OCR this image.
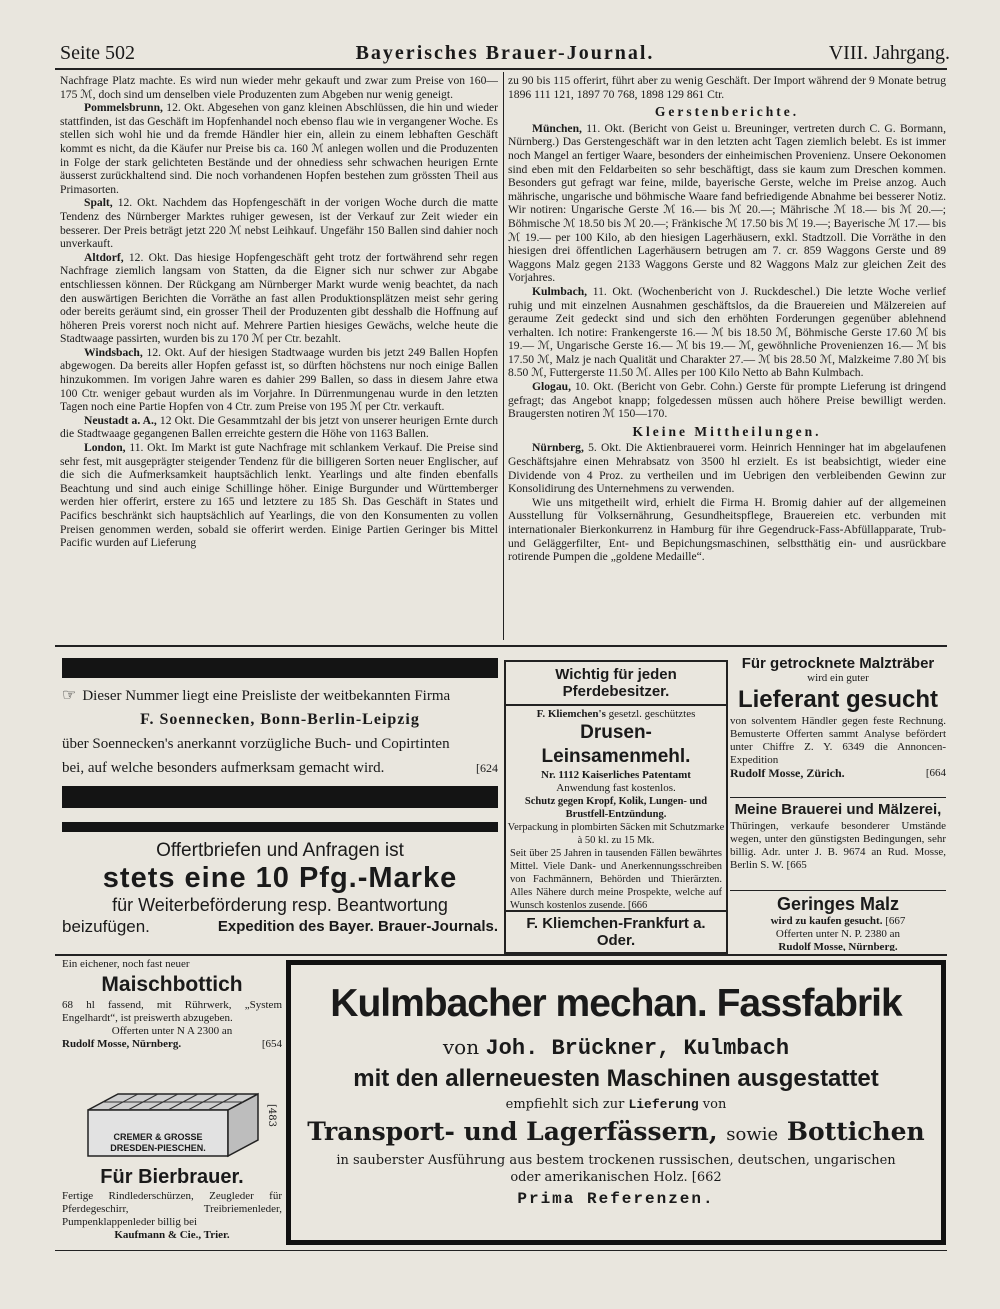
Seite 502	Bayerisches Brauer-Journal.	VIII. Jahrgang.

Nachfrage Platz machte. Es wird nun wieder mehr gekauft und zwar zum Preise von 160—175 ℳ, doch sind um denselben viele Produzenten zum Abgeben nur wenig geneigt.

Pommelsbrunn, 12. Okt. Abgesehen von ganz kleinen Abschlüssen, die hin und wieder stattfinden, ist das Geschäft im Hopfenhandel noch ebenso flau wie in vergangener Woche. Es stellen sich wohl hie und da fremde Händler hier ein, allein zu einem lebhaften Geschäft kommt es nicht, da die Käufer nur Preise bis ca. 160 ℳ anlegen wollen und die Produzenten in Folge der stark gelichteten Bestände und der ohnediess sehr schwachen heurigen Ernte äusserst zurückhaltend sind. Die noch vorhandenen Hopfen bestehen zum grössten Theil aus Primasorten.

Spalt, 12. Okt. Nachdem das Hopfengeschäft in der vorigen Woche durch die matte Tendenz des Nürnberger Marktes ruhiger gewesen, ist der Verkauf zur Zeit wieder ein besserer. Der Preis beträgt jetzt 220 ℳ nebst Leihkauf. Ungefähr 150 Ballen sind dahier noch unverkauft.

Altdorf, 12. Okt. Das hiesige Hopfengeschäft geht trotz der fortwährend sehr regen Nachfrage ziemlich langsam von Statten, da die Eigner sich nur schwer zur Abgabe entschliessen können. Der Rückgang am Nürnberger Markt wurde wenig beachtet, da nach den auswärtigen Berichten die Vorräthe an fast allen Produktionsplätzen meist sehr gering oder bereits geräumt sind, ein grosser Theil der Produzenten gibt desshalb die Hoffnung auf höheren Preis vorerst noch nicht auf. Mehrere Partien hiesiges Gewächs, welche heute die Stadtwaage passirten, wurden bis zu 170 ℳ per Ctr. bezahlt.

Windsbach, 12. Okt. Auf der hiesigen Stadtwaage wurden bis jetzt 249 Ballen Hopfen abgewogen. Da bereits aller Hopfen gefasst ist, so dürften höchstens nur noch einige Ballen hinzukommen. Im vorigen Jahre waren es dahier 299 Ballen, so dass in diesem Jahre etwa 100 Ctr. weniger gebaut wurden als im Vorjahre. In Dürrenmungenau wurde in den letzten Tagen noch eine Partie Hopfen von 4 Ctr. zum Preise von 195 ℳ per Ctr. verkauft.

Neustadt a. A., 12 Okt. Die Gesammtzahl der bis jetzt von unserer heurigen Ernte durch die Stadtwaage gegangenen Ballen erreichte gestern die Höhe von 1163 Ballen.

London, 11. Okt. Im Markt ist gute Nachfrage mit schlankem Verkauf. Die Preise sind sehr fest, mit ausgeprägter steigender Tendenz für die billigeren Sorten neuer Englischer, auf die sich die Aufmerksamkeit hauptsächlich lenkt. Yearlings und alte finden ebenfalls Beachtung und sind auch einige Schillinge höher. Einige Burgunder und Württemberger werden hier offerirt, erstere zu 165 und letztere zu 185 Sh. Das Geschäft in States und Pacifics beschränkt sich hauptsächlich auf Yearlings, die von den Konsumenten zu vollen Preisen genommen werden, sobald sie offerirt werden. Einige Partien Geringer bis Mittel Pacific wurden auf Lieferung

zu 90 bis 115 offerirt, führt aber zu wenig Geschäft. Der Import während der 9 Monate betrug 1896 111 121, 1897 70 768, 1898 129 861 Ctr.

Gerstenberichte.

München, 11. Okt. (Bericht von Geist u. Breuninger, vertreten durch C. G. Bormann, Nürnberg.) Das Gerstengeschäft war in den letzten acht Tagen ziemlich belebt. Es ist immer noch Mangel an fertiger Waare, besonders der einheimischen Provenienz. Unsere Oekonomen sind eben mit den Feldarbeiten so sehr beschäftigt, dass sie kaum zum Dreschen kommen. Besonders gut gefragt war feine, milde, bayerische Gerste, welche im Preise anzog. Auch mährische, ungarische und böhmische Waare fand befriedigende Abnahme bei besserer Notiz. Wir notiren: Ungarische Gerste ℳ 16.— bis ℳ 20.—; Mährische ℳ 18.— bis ℳ 20.—; Böhmische ℳ 18.50 bis ℳ 20.—; Fränkische ℳ 17.50 bis ℳ 19.—; Bayerische ℳ 17.— bis ℳ 19.— per 100 Kilo, ab den hiesigen Lagerhäusern, exkl. Stadtzoll. Die Vorräthe in den hiesigen drei öffentlichen Lagerhäusern betrugen am 7. cr. 859 Waggons Gerste und 89 Waggons Malz gegen 2133 Waggons Gerste und 82 Waggons Malz zur gleichen Zeit des Vorjahres.

Kulmbach, 11. Okt. (Wochenbericht von J. Ruckdeschel.) Die letzte Woche verlief ruhig und mit einzelnen Ausnahmen geschäftslos, da die Brauereien und Mälzereien auf geraume Zeit gedeckt sind und sich den erhöhten Forderungen gegenüber ablehnend verhalten. Ich notire: Frankengerste 16.— ℳ bis 18.50 ℳ, Böhmische Gerste 17.60 ℳ bis 19.— ℳ, Ungarische Gerste 16.— ℳ bis 19.— ℳ, gewöhnliche Provenienzen 16.— ℳ bis 17.50 ℳ, Malz je nach Qualität und Charakter 27.— ℳ bis 28.50 ℳ, Malzkeime 7.80 ℳ bis 8.50 ℳ, Futtergerste 11.50 ℳ. Alles per 100 Kilo Netto ab Bahn Kulmbach.

Glogau, 10. Okt. (Bericht von Gebr. Cohn.) Gerste für prompte Lieferung ist dringend gefragt; das Angebot knapp; folgedessen müssen auch höhere Preise bewilligt werden. Braugersten notiren ℳ 150—170.

Kleine Mittheilungen.

Nürnberg, 5. Okt. Die Aktienbrauerei vorm. Heinrich Henninger hat im abgelaufenen Geschäftsjahre einen Mehrabsatz von 3500 hl erzielt. Es ist beabsichtigt, wieder eine Dividende von 4 Proz. zu vertheilen und im Uebrigen den verbleibenden Gewinn zur Konsolidirung des Unternehmens zu verwenden.

Wie uns mitgetheilt wird, erhielt die Firma H. Bromig dahier auf der allgemeinen Ausstellung für Volksernährung, Gesundheitspflege, Brauereien etc. verbunden mit internationaler Bierkonkurrenz in Hamburg für ihre Gegendruck-Fass-Abfüllapparate, Trub- und Geläggerfilter, Ent- und Bepichungsmaschinen, selbstthätig ein- und ausrückbare rotirende Pumpen die „goldene Medaille“.

☞ Dieser Nummer liegt eine Preisliste der weitbekannten Firma
F. Soennecken, Bonn-Berlin-Leipzig
über Soennecken's anerkannt vorzügliche Buch- und Copirtinten
bei, auf welche besonders aufmerksam gemacht wird.	[624
Offertbriefen und Anfragen ist
stets eine 10 Pfg.-Marke
für Weiterbeförderung resp. Beantwortung
beizufügen.	Expedition des Bayer. Brauer-Journals.
Wichtig für jeden Pferdebesitzer.
F. Kliemchen's gesetzl. geschütztes
Drusen-Leinsamenmehl.
Nr. 1112 Kaiserliches Patentamt
Anwendung fast kostenlos.
Schutz gegen Kropf, Kolik, Lungen- und Brustfell-Entzündung.
Verpackung in plombirten Säcken mit Schutzmarke à 50 kl. zu 15 Mk.
Seit über 25 Jahren in tausenden Fällen bewährtes Mittel. Viele Dank- und Anerkennungsschreiben von Fachmännern, Behörden und Thierärzten. Alles Nähere durch meine Prospekte, welche auf Wunsch kostenlos zusende. [666
F. Kliemchen-Frankfurt a. Oder.
Für getrocknete Malzträber
wird ein guter
Lieferant gesucht
von solventem Händler gegen feste Rechnung. Bemusterte Offerten sammt Analyse befördert unter Chiffre Z. Y. 6349 die Annoncen-Expedition
Rudolf Mosse, Zürich.	[664
Meine Brauerei und Mälzerei,
Thüringen, verkaufe besonderer Umstände wegen, unter den günstigsten Bedingungen, sehr billig. Adr. unter J. B. 9674 an Rud. Mosse, Berlin S. W. [665
Geringes Malz
wird zu kaufen gesucht. [667
Offerten unter N. P. 2380 an
Rudolf Mosse, Nürnberg.
Ein eichener, noch fast neuer
Maischbottich
68 hl fassend, mit Rührwerk, „System Engelhardt“, ist preiswerth abzugeben.
Offerten unter N A 2300 an
Rudolf Mosse, Nürnberg.	[654
CREMER & GROSSE
DRESDEN-PIESCHEN.
[483
Für Bierbrauer.
Fertige Rindlederschürzen, Zeugleder für Pferdegeschirr, Treibriemenleder, Pumpenklappenleder billig bei
Kaufmann & Cie., Trier.
Kulmbacher mechan. Fassfabrik
von Joh. Brückner, Kulmbach
mit den allerneuesten Maschinen ausgestattet
empfiehlt sich zur Lieferung von
Transport- und Lagerfässern, sowie Bottichen
in sauberster Ausführung aus bestem trockenen russischen, deutschen, ungarischen oder amerikanischen Holz. [662
Prima Referenzen.
